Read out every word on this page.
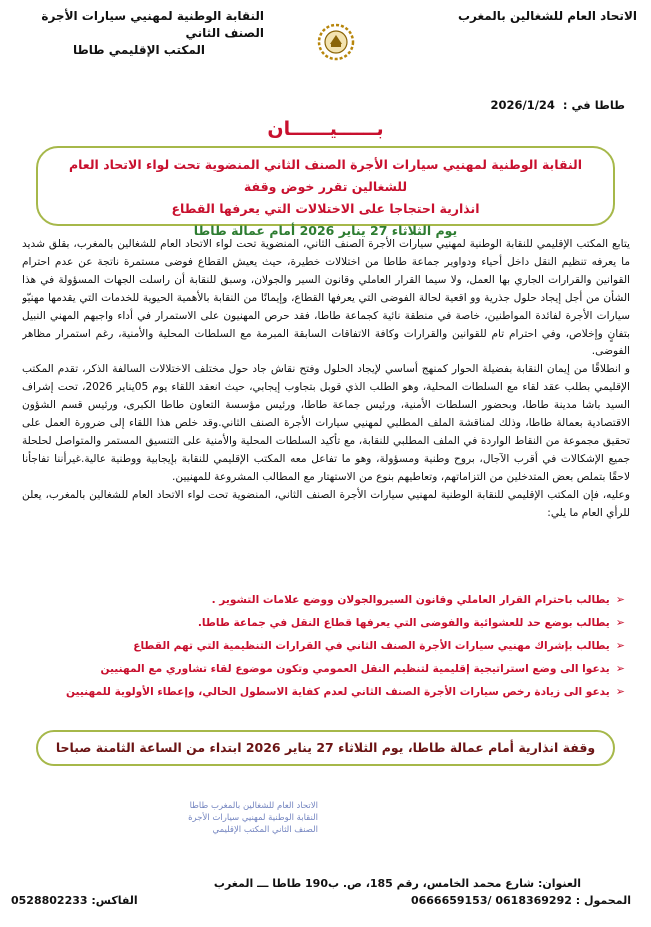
الاتحاد العام للشغالين بالمغرب
النقابة الوطنية لمهنيي سيارات الأجرة الصنف الثاني
المكتب الإقليمي طاطا
طاطا في : 2026/1/24
بــــــيــــــان
النقابة الوطنية لمهنيي سيارات الأجرة الصنف الثاني المنضوية تحت لواء الاتحاد العام للشغالين تقرر خوض وقفة
انذارية احتجاجا على الاختلالات التي يعرفها القطاع
يوم الثلاثاء 27 يناير 2026 أمام عمالة طاطا

يتابع المكتب الإقليمي للنقابة الوطنية لمهنيي سيارات الأجرة الصنف الثاني، المنضوية تحت لواء الاتحاد العام للشغالين بالمغرب، بقلق شديد ما يعرفه تنظيم النقل داخل أحياء ودواوير جماعة طاطا من اختلالات خطيرة، حيث يعيش القطاع فوضى مستمرة ناتجة عن عدم احترام القوانين والقرارات الجاري بها العمل، ولا سيما القرار العاملي وقانون السير والجولان، وسبق للنقابة أن راسلت الجهات المسؤولة في هذا الشأن من أجل إيجاد حلول جذرية وو اقعية لحالة الفوضى التي يعرفها القطاع، وإيمانًا من النقابة بالأهمية الحيوية للخدمات التي يقدمها مهنيّو سيارات الأجرة لفائدة المواطنين، خاصة في منطقة نائية كجماعة طاطا، فقد حرص المهنيون على الاستمرار في أداء واجبهم المهني النبيل بتفانٍ وإخلاص، وفي احترام تام للقوانين والقرارات وكافة الاتفاقات السابقة المبرمة مع السلطات المحلية والأمنية، رغم استمرار مظاهر الفوضى.

و انطلاقًا من إيمان النقابة بفضيلة الحوار كمنهج أساسي لإيجاد الحلول وفتح نقاش جاد حول مختلف الاختلالات السالفة الذكر، تقدم المكتب الإقليمي بطلب عقد لقاء مع السلطات المحلية، وهو الطلب الذي قوبل بتجاوب إيجابي، حيث انعقد اللقاء يوم 05يناير 2026، تحت إشراف السيد باشا مدينة طاطا، وبحضور السلطات الأمنية، ورئيس جماعة طاطا، ورئيس مؤسسة التعاون طاطا الكبرى، ورئيس قسم الشؤون الاقتصادية بعمالة طاطا، وذلك لمناقشة الملف المطلبي لمهنيي سيارات الأجرة الصنف الثاني.وقد خلص هذا اللقاء إلى ضرورة العمل على تحقيق مجموعة من النقاط الواردة في الملف المطلبي للنقابة، مع تأكيد السلطات المحلية والأمنية على التنسيق المستمر والمتواصل لحلحلة جميع الإشكالات في أقرب الآجال، بروح وطنية ومسؤولة، وهو ما تفاعل معه المكتب الإقليمي للنقابة بإيجابية ووطنية عالية.غيرأننا تفاجأنا لاحقًا بتملص بعض المتدخلين من التزاماتهم، وتعاطيهم بنوع من الاستهتار مع المطالب المشروعة للمهنيين.

وعليه، فإن المكتب الإقليمي للنقابة الوطنية لمهنيي سيارات الأجرة الصنف الثاني، المنضوية تحت لواء الاتحاد العام للشغالين بالمغرب، يعلن للرأي العام ما يلي:

➢يطالب باحترام القرار العاملي وقانون السيروالجولان ووضع علامات التشوير .
➢يطالب بوضع حد للعشوائية والفوضى التي يعرفها قطاع النقل في جماعة طاطا.
➢يطالب بإشراك مهنيي سيارات الأجرة الصنف الثاني في القرارات التنظيمية التي تهم القطاع
➢يدعوا الى وضع استراتيجية إقليمية لتنظيم النقل العمومي وتكون موضوع لقاء تشاوري مع المهنيين
➢يدعو الى زيادة رخص سيارات الأجرة الصنف الثاني لعدم كفاية الاسطول الحالي، وإعطاء الأولوية للمهنيين
وقفة انذارية أمام عمالة طاطا، يوم الثلاثاء 27 يناير 2026 ابتداء من الساعة الثامنة صباحا
الاتحاد العام للشغالين بالمغرب طاطا
النقابة الوطنية لمهنيي سيارات الأجرة
الصنف الثاني المكتب الإقليمي
العنوان: شارع محمد الخامس، رقم 185، ص. ب190 طاطا ـــ المغرب
المحمول : 0618369292 /0666659153
الفاكس: 0528802233
